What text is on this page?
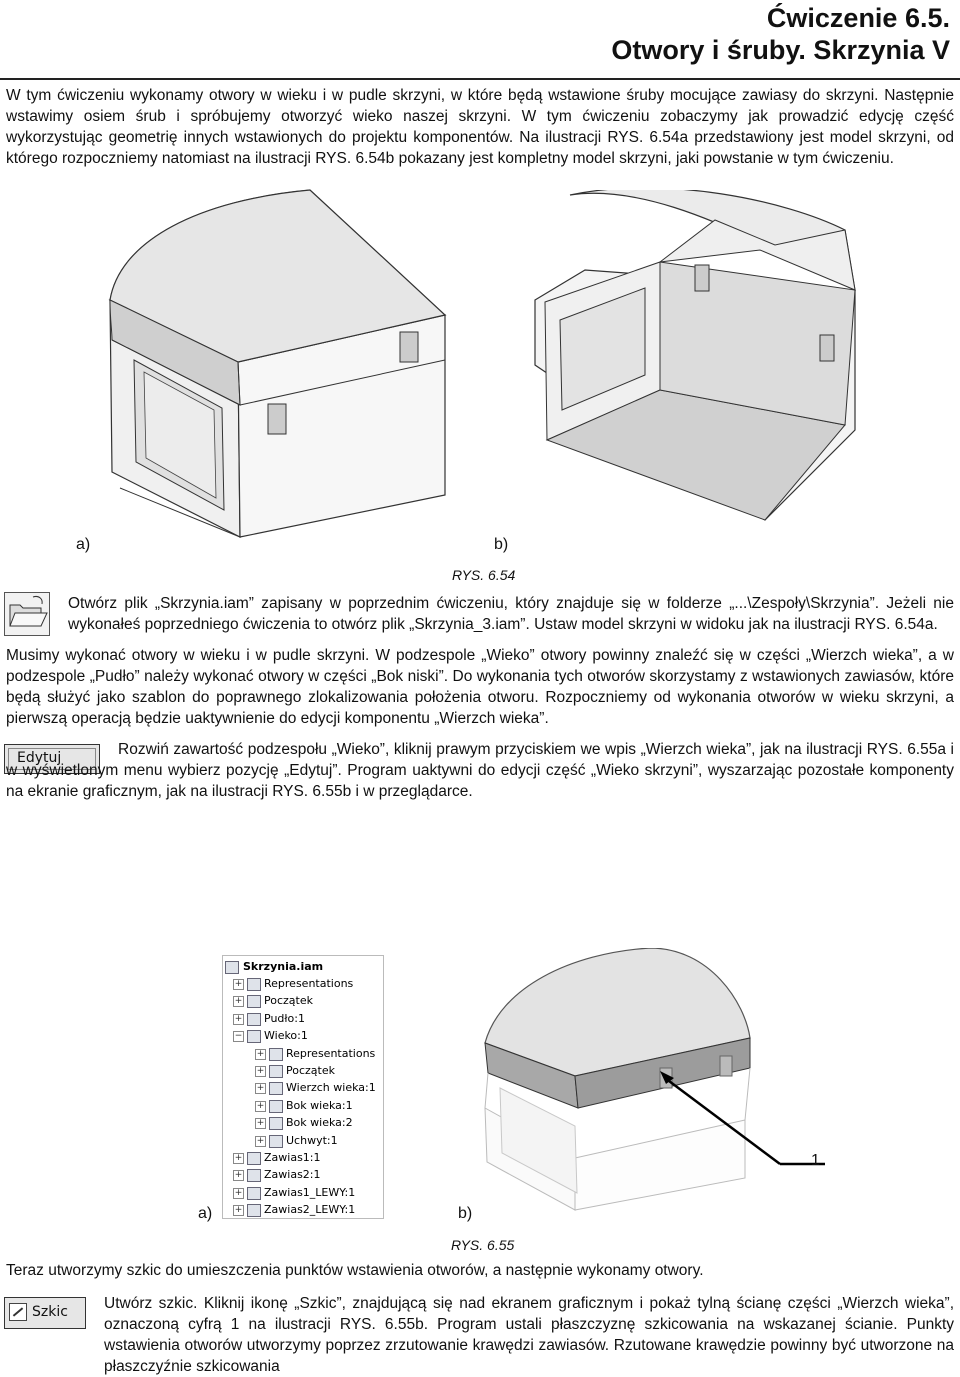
Ćwiczenie 6.5.
Otwory i śruby. Skrzynia V
W tym ćwiczeniu wykonamy otwory w wieku i w pudle skrzyni, w które będą wstawione śruby mocujące zawiasy do skrzyni. Następnie wstawimy osiem śrub i spróbujemy otworzyć wieko naszej skrzyni. W tym ćwiczeniu zobaczymy jak prowadzić edycję część wykorzystując geometrię innych wstawionych do projektu komponentów. Na ilustracji RYS. 6.54a przedstawiony jest model skrzyni, od którego rozpoczniemy natomiast na ilustracji RYS. 6.54b pokazany jest kompletny model skrzyni, jaki powstanie w tym ćwiczeniu.
a)	b)
RYS. 6.54
Otwórz plik „Skrzynia.iam” zapisany w poprzednim ćwiczeniu, który znajduje się w folderze „...\Zespoły\Skrzynia”. Jeżeli nie wykonałeś poprzedniego ćwiczenia to otwórz plik „Skrzynia_3.iam”. Ustaw model skrzyni w widoku jak na ilustracji RYS. 6.54a.
Musimy wykonać otwory w wieku i w pudle skrzyni. W podzespole „Wieko” otwory powinny znaleźć się w części „Wierzch wieka”, a w podzespole „Pudło” należy wykonać otwory w części „Bok niski”. Do wykonania tych otworów skorzystamy z wstawionych zawiasów, które będą służyć jako szablon do poprawnego zlokalizowania położenia otworu. Rozpoczniemy od wykonania otworów w wieku skrzyni, a pierwszą operacją będzie uaktywnienie do edycji komponentu „Wierzch wieka”.
Edytuj	Rozwiń zawartość podzespołu „Wieko”, kliknij prawym przyciskiem we wpis „Wierzch wieka”, jak na ilustracji RYS. 6.55a i w wyświetlonym menu wybierz pozycję „Edytuj”. Program uaktywni do edycji część „Wieko skrzyni”, wyszarzając pozostałe komponenty na ekranie graficznym, jak na ilustracji RYS. 6.55b i w przeglądarce.
Skrzynia.iam
+ Representations
+ Początek
+ Pudło:1
− Wieko:1
+ Representations
+ Początek
+ Wierzch wieka:1
+ Bok wieka:1
+ Bok wieka:2
+ Uchwyt:1
+ Zawias1:1
+ Zawias2:1
+ Zawias1_LEWY:1
+ Zawias2_LEWY:1
1
a)	b)
RYS. 6.55
Teraz utworzymy szkic do umieszczenia punktów wstawienia otworów, a następnie wykonamy otwory.
Szkic Utwórz szkic. Kliknij ikonę „Szkic”, znajdującą się nad ekranem graficznym i pokaż tylną ścianę części „Wierzch wieka”, oznaczoną cyfrą 1 na ilustracji RYS. 6.55b. Program ustali płaszczyznę szkicowania na wskazanej ścianie. Punkty wstawienia otworów utworzymy poprzez zrzutowanie krawędzi zawiasów. Rzutowane krawędzie powinny być utworzone na płaszczyźnie szkicowania
